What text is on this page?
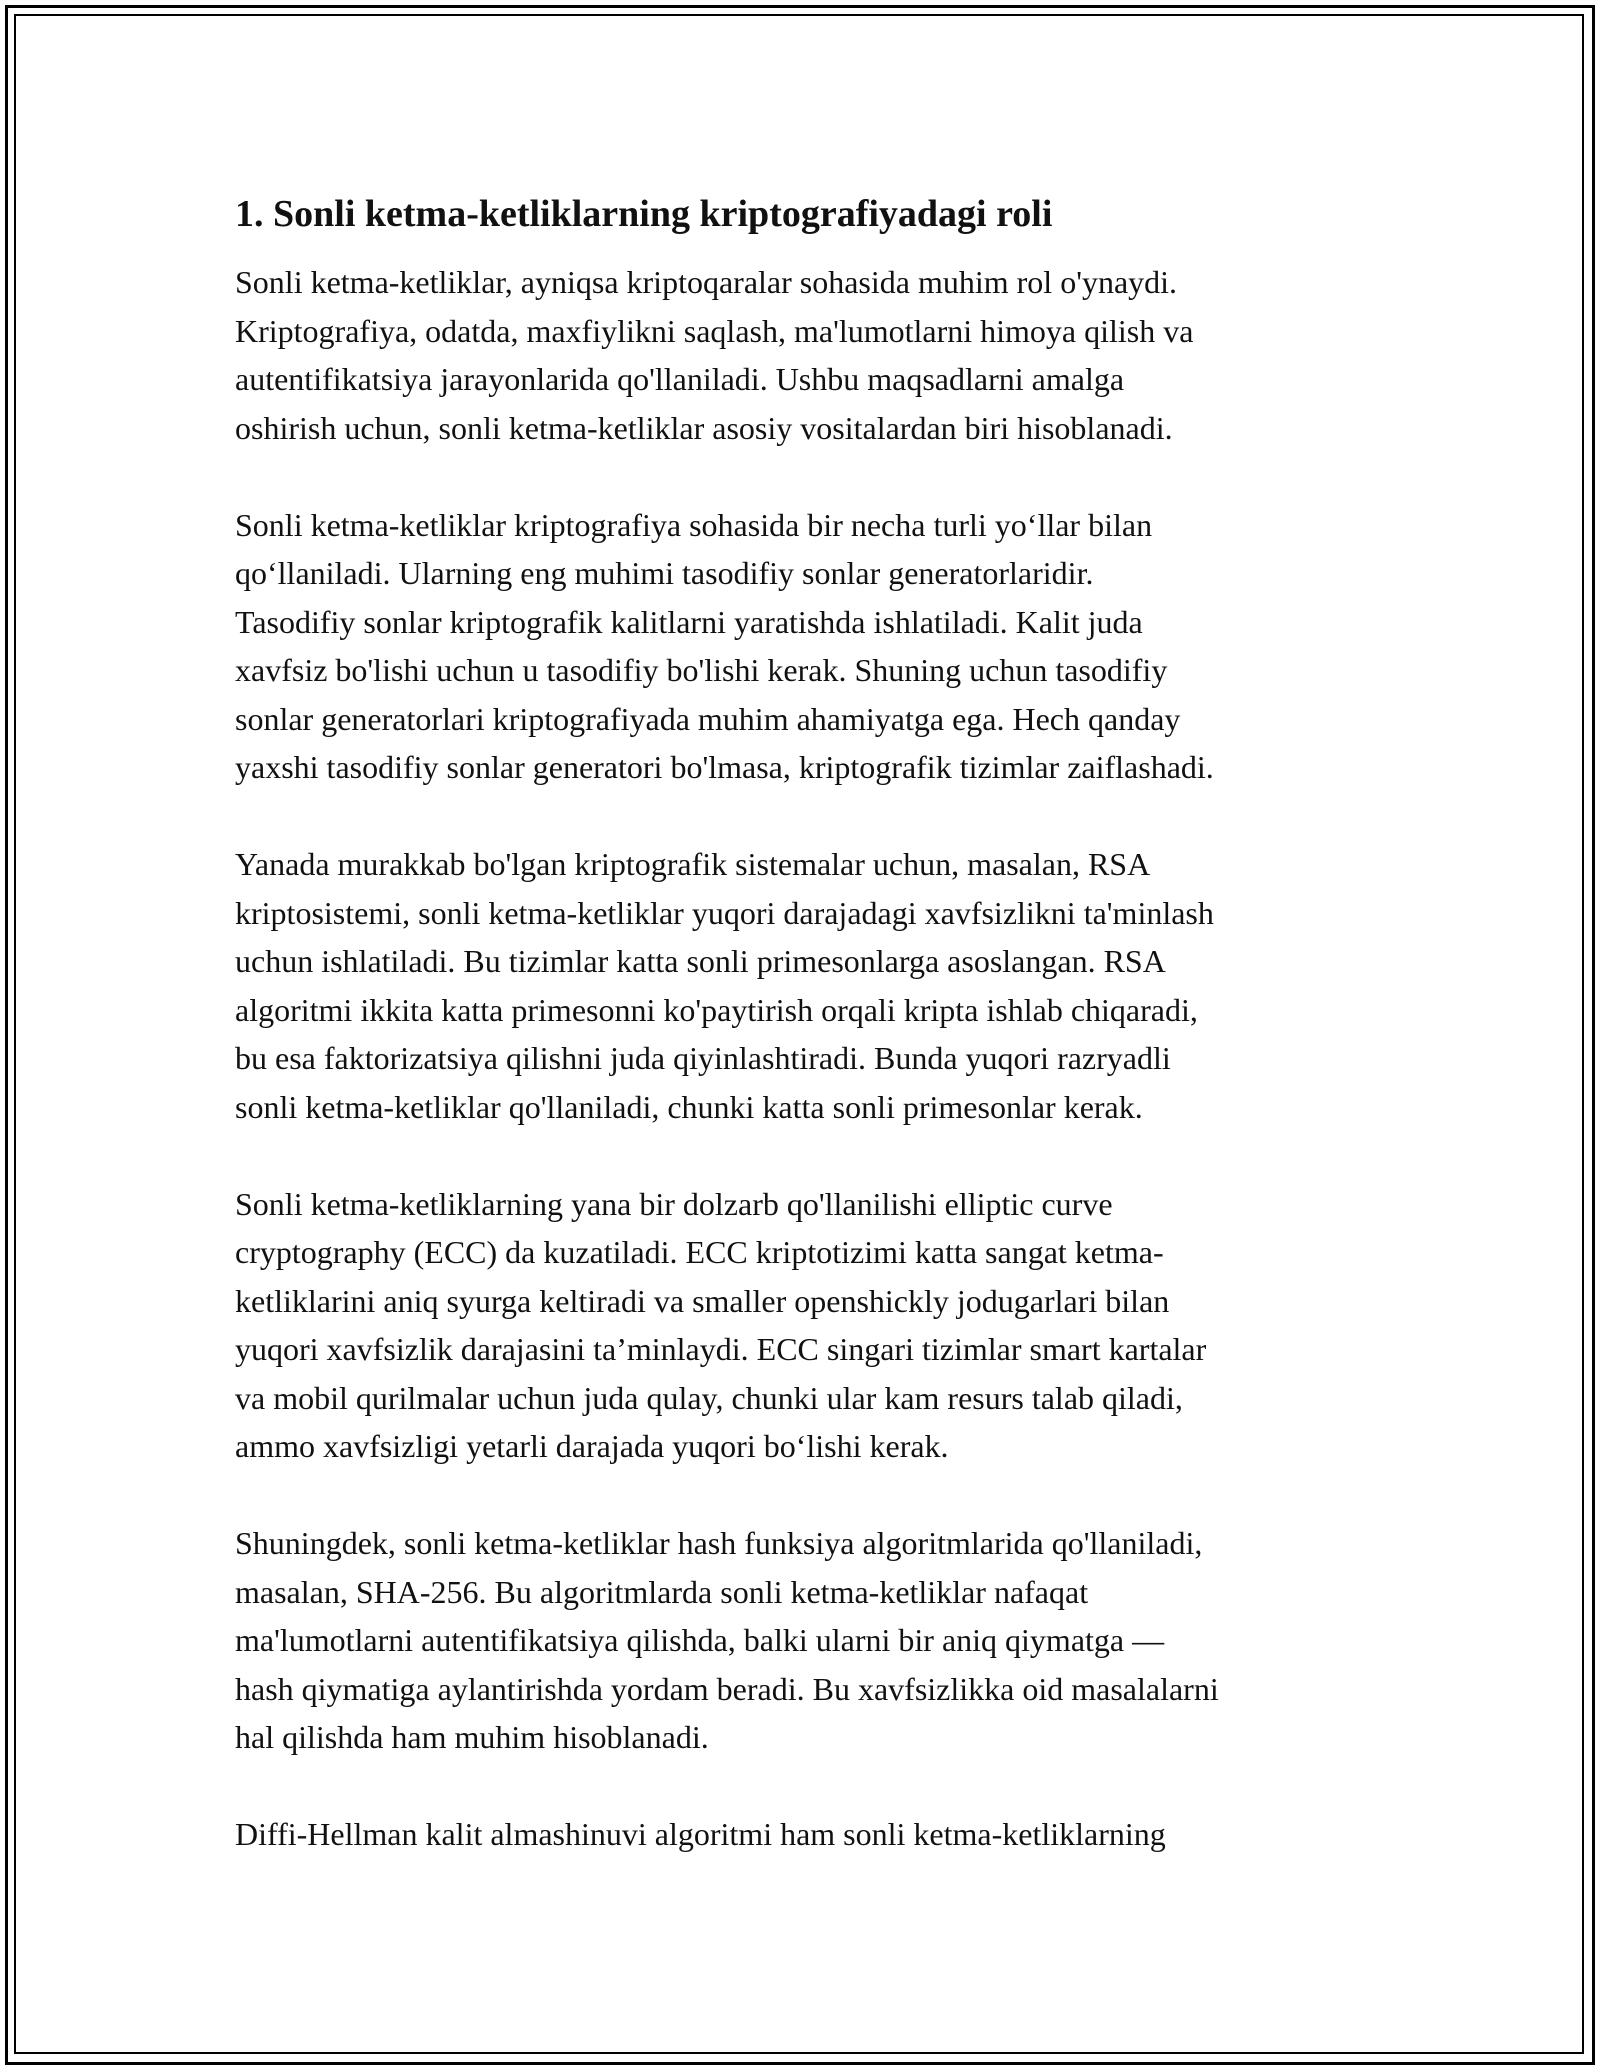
1. Sonli ketma-ketliklarning kriptografiyadagi roli

Sonli ketma-ketliklar, ayniqsa kriptoqaralar sohasida muhim rol o'ynaydi.
Kriptografiya, odatda, maxfiylikni saqlash, ma'lumotlarni himoya qilish va
autentifikatsiya jarayonlarida qo'llaniladi. Ushbu maqsadlarni amalga
oshirish uchun, sonli ketma-ketliklar asosiy vositalardan biri hisoblanadi.

Sonli ketma-ketliklar kriptografiya sohasida bir necha turli yo‘llar bilan
qo‘llaniladi. Ularning eng muhimi tasodifiy sonlar generatorlaridir.
Tasodifiy sonlar kriptografik kalitlarni yaratishda ishlatiladi. Kalit juda
xavfsiz bo'lishi uchun u tasodifiy bo'lishi kerak. Shuning uchun tasodifiy
sonlar generatorlari kriptografiyada muhim ahamiyatga ega. Hech qanday
yaxshi tasodifiy sonlar generatori bo'lmasa, kriptografik tizimlar zaiflashadi.

Yanada murakkab bo'lgan kriptografik sistemalar uchun, masalan, RSA
kriptosistemi, sonli ketma-ketliklar yuqori darajadagi xavfsizlikni ta'minlash
uchun ishlatiladi. Bu tizimlar katta sonli primesonlarga asoslangan. RSA
algoritmi ikkita katta primesonni ko'paytirish orqali kripta ishlab chiqaradi,
bu esa faktorizatsiya qilishni juda qiyinlashtiradi. Bunda yuqori razryadli
sonli ketma-ketliklar qo'llaniladi, chunki katta sonli primesonlar kerak.

Sonli ketma-ketliklarning yana bir dolzarb qo'llanilishi elliptic curve
cryptography (ECC) da kuzatiladi. ECC kriptotizimi katta sangat ketma-
ketliklarini aniq syurga keltiradi va smaller openshickly jodugarlari bilan
yuqori xavfsizlik darajasini ta’minlaydi. ECC singari tizimlar smart kartalar
va mobil qurilmalar uchun juda qulay, chunki ular kam resurs talab qiladi,
ammo xavfsizligi yetarli darajada yuqori bo‘lishi kerak.

Shuningdek, sonli ketma-ketliklar hash funksiya algoritmlarida qo'llaniladi,
masalan, SHA-256. Bu algoritmlarda sonli ketma-ketliklar nafaqat
ma'lumotlarni autentifikatsiya qilishda, balki ularni bir aniq qiymatga —
hash qiymatiga aylantirishda yordam beradi. Bu xavfsizlikka oid masalalarni
hal qilishda ham muhim hisoblanadi.

Diffi-Hellman kalit almashinuvi algoritmi ham sonli ketma-ketliklarning
